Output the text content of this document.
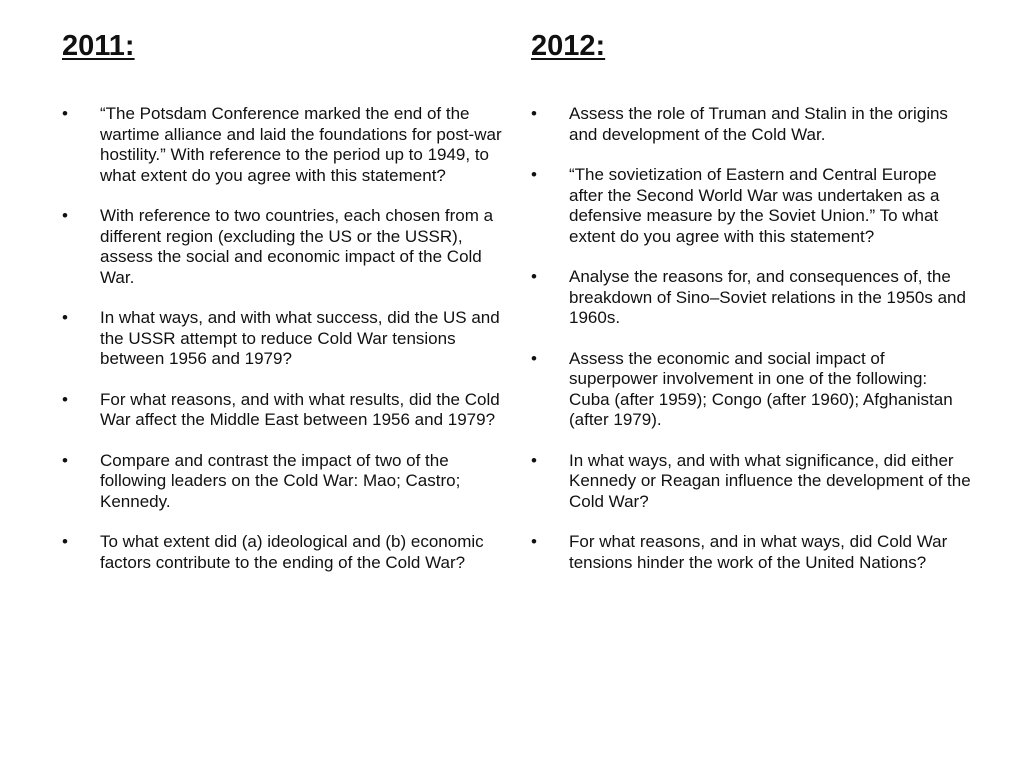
2011:
• “The Potsdam Conference marked the end of the wartime alliance and laid the foundations for post-war hostility.” With reference to the period up to 1949, to what extent do you agree with this statement?
• With reference to two countries, each chosen from a different region (excluding the US or the USSR), assess the social and economic impact of the Cold War.
• In what ways, and with what success, did the US and the USSR attempt to reduce Cold War tensions between 1956 and 1979?
• For what reasons, and with what results, did the Cold War affect the Middle East between 1956 and 1979?
• Compare and contrast the impact of two of the following leaders on the Cold War: Mao; Castro; Kennedy.
• To what extent did (a) ideological and (b) economic factors contribute to the ending of the Cold War?
2012:
• Assess the role of Truman and Stalin in the origins and development of the Cold War.
• “The sovietization of Eastern and Central Europe after the Second World War was undertaken as a defensive measure by the Soviet Union.” To what extent do you agree with this statement?
• Analyse the reasons for, and consequences of, the breakdown of Sino–Soviet relations in the 1950s and 1960s.
• Assess the economic and social impact of superpower involvement in one of the following: Cuba (after 1959); Congo (after 1960); Afghanistan (after 1979).
• In what ways, and with what significance, did either Kennedy or Reagan influence the development of the Cold War?
• For what reasons, and in what ways, did Cold War tensions hinder the work of the United Nations?
